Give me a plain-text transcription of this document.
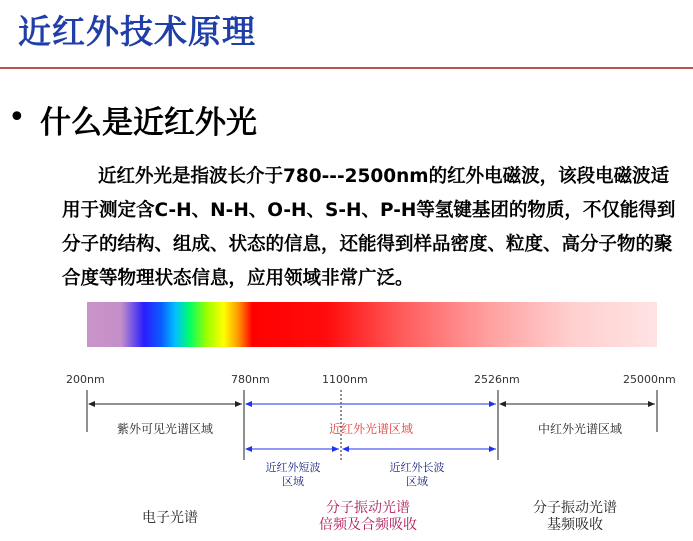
近红外技术原理
• 什么是近红外光
近红外光是指波长介于780---2500nm的红外电磁波，该段电磁波适用于测定含C-H、N-H、O-H、S-H、P-H等氢键基团的物质，不仅能得到分子的结构、组成、状态的信息，还能得到样品密度、粒度、高分子物的聚合度等物理状态信息，应用领域非常广泛。
200nm	780nm	1100nm	2526nm	25000nm
紫外可见光谱区域	近红外光谱区域	中红外光谱区域
近红外短波
区域
近红外长波
区域
电子光谱
分子振动光谱
倍频及合频吸收
分子振动光谱
基频吸收
